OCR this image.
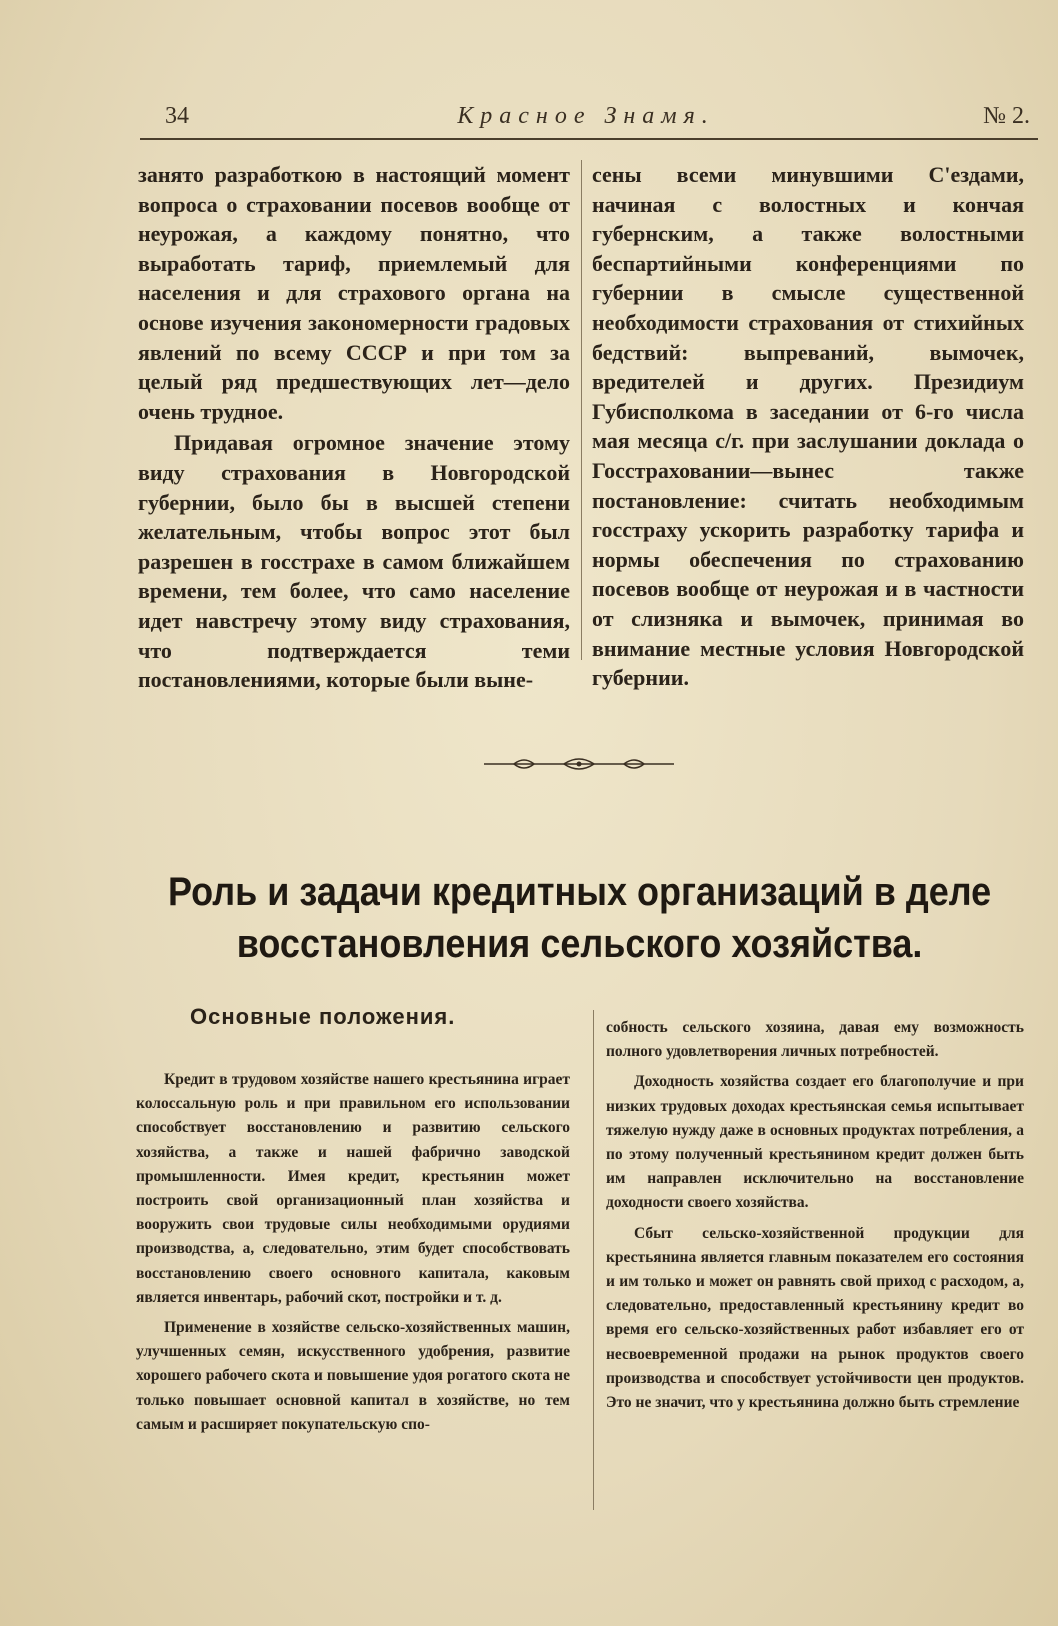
34	Красное Знамя.	№ 2.

занято разработкою в настоящий момент вопроса о страховании посевов вообще от неурожая, а каждому понятно, что выработать тариф, приемлемый для населения и для страхового органа на основе изучения закономерности градовых явлений по всему СССР и при том за целый ряд предшествующих лет—дело очень трудное.

Придавая огромное значение этому виду страхования в Новгородской губернии, было бы в высшей степени желательным, чтобы вопрос этот был разрешен в госстрахе в самом ближайшем времени, тем более, что само население идет навстречу этому виду страхования, что подтверждается теми постановлениями, которые были выне-

сены всеми минувшими С'ездами, начиная с волостных и кончая губернским, а также волостными беспартийными конференциями по губернии в смысле существенной необходимости страхования от стихийных бедствий: выпреваний, вымочек, вредителей и других. Президиум Губисполкома в заседании от 6-го числа мая месяца с/г. при заслушании доклада о Госстраховании—вынес также постановление: считать необходимым госстраху ускорить разработку тарифа и нормы обеспечения по страхованию посевов вообще от неурожая и в частности от слизняка и вымочек, принимая во внимание местные условия Новгородской губернии.

Роль и задачи кредитных организаций в деле восстановления сельского хозяйства.
Основные положения.

Кредит в трудовом хозяйстве нашего крестьянина играет колоссальную роль и при правильном его использовании способствует восстановлению и развитию сельского хозяйства, а также и нашей фабрично заводской промышленности. Имея кредит, крестьянин может построить свой организационный план хозяйства и вооружить свои трудовые силы необходимыми орудиями производства, а, следовательно, этим будет способствовать восстановлению своего основного капитала, каковым является инвентарь, рабочий скот, постройки и т. д.

Применение в хозяйстве сельско-хозяйственных машин, улучшенных семян, искусственного удобрения, развитие хорошего рабочего скота и повышение удоя рогатого скота не только повышает основной капитал в хозяйстве, но тем самым и расширяет покупательскую спо-

собность сельского хозяина, давая ему возможность полного удовлетворения личных потребностей.

Доходность хозяйства создает его благополучие и при низких трудовых доходах крестьянская семья испытывает тяжелую нужду даже в основных продуктах потребления, а по этому полученный крестьянином кредит должен быть им направлен исключительно на восстановление доходности своего хозяйства.

Сбыт сельско-хозяйственной продукции для крестьянина является главным показателем его состояния и им только и может он равнять свой приход с расходом, а, следовательно, предоставленный крестьянину кредит во время его сельско-хозяйственных работ избавляет его от несвоевременной продажи на рынок продуктов своего производства и способствует устойчивости цен продуктов. Это не значит, что у крестьянина должно быть стремление
